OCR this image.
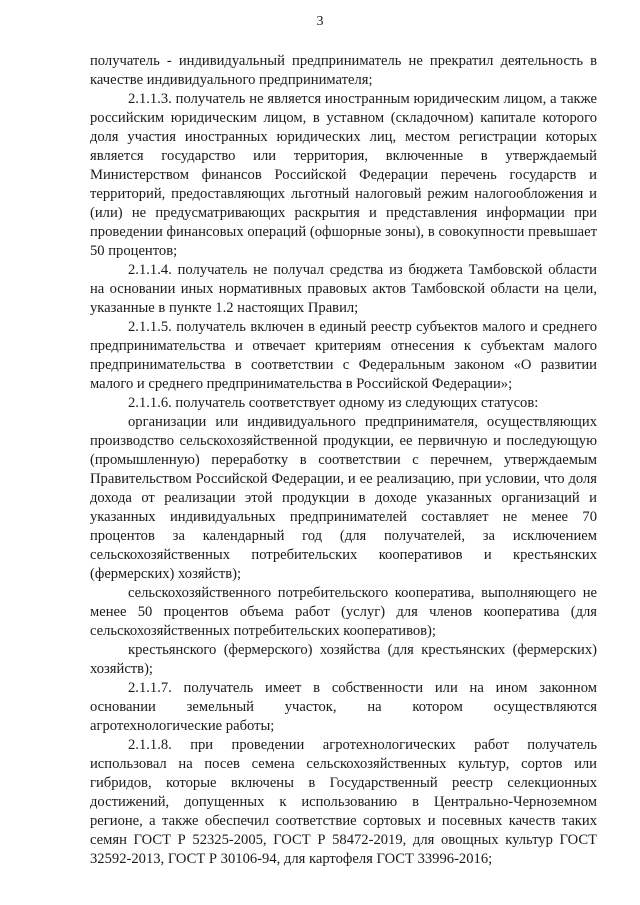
3

получатель - индивидуальный предприниматель не прекратил деятельность в качестве индивидуального предпринимателя;

2.1.1.3. получатель не является иностранным юридическим лицом, а также российским юридическим лицом, в уставном (складочном) капитале которого доля участия иностранных юридических лиц, местом регистрации которых является государство или территория, включенные в утверждаемый Министерством финансов Российской Федерации перечень государств и территорий, предоставляющих льготный налоговый режим налогообложения и (или) не предусматривающих раскрытия и представления информации при проведении финансовых операций (офшорные зоны), в совокупности превышает 50 процентов;

2.1.1.4. получатель не получал средства из бюджета Тамбовской области на основании иных нормативных правовых актов Тамбовской области на цели, указанные в пункте 1.2 настоящих Правил;

2.1.1.5. получатель включен в единый реестр субъектов малого и среднего предпринимательства и отвечает критериям отнесения к субъектам малого предпринимательства в соответствии с Федеральным законом «О развитии малого и среднего предпринимательства в Российской Федерации»;

2.1.1.6. получатель соответствует одному из следующих статусов:

организации или индивидуального предпринимателя, осуществляющих производство сельскохозяйственной продукции, ее первичную и последующую (промышленную) переработку в соответствии с перечнем, утверждаемым Правительством Российской Федерации, и ее реализацию, при условии, что доля дохода от реализации этой продукции в доходе указанных организаций и указанных индивидуальных предпринимателей составляет не менее 70 процентов за календарный год (для получателей, за исключением сельскохозяйственных потребительских кооперативов и крестьянских (фермерских) хозяйств);

сельскохозяйственного потребительского кооператива, выполняющего не менее 50 процентов объема работ (услуг) для членов кооператива (для сельскохозяйственных потребительских кооперативов);

крестьянского (фермерского) хозяйства (для крестьянских (фермерских) хозяйств);

2.1.1.7. получатель имеет в собственности или на ином законном основании земельный участок, на котором осуществляются агротехнологические работы;

2.1.1.8. при проведении агротехнологических работ получатель использовал на посев семена сельскохозяйственных культур, сортов или гибридов, которые включены в Государственный реестр селекционных достижений, допущенных к использованию в Центрально-Черноземном регионе, а также обеспечил соответствие сортовых и посевных качеств таких семян ГОСТ Р 52325-2005, ГОСТ Р 58472-2019, для овощных культур ГОСТ 32592-2013, ГОСТ Р 30106-94, для картофеля ГОСТ 33996-2016;
